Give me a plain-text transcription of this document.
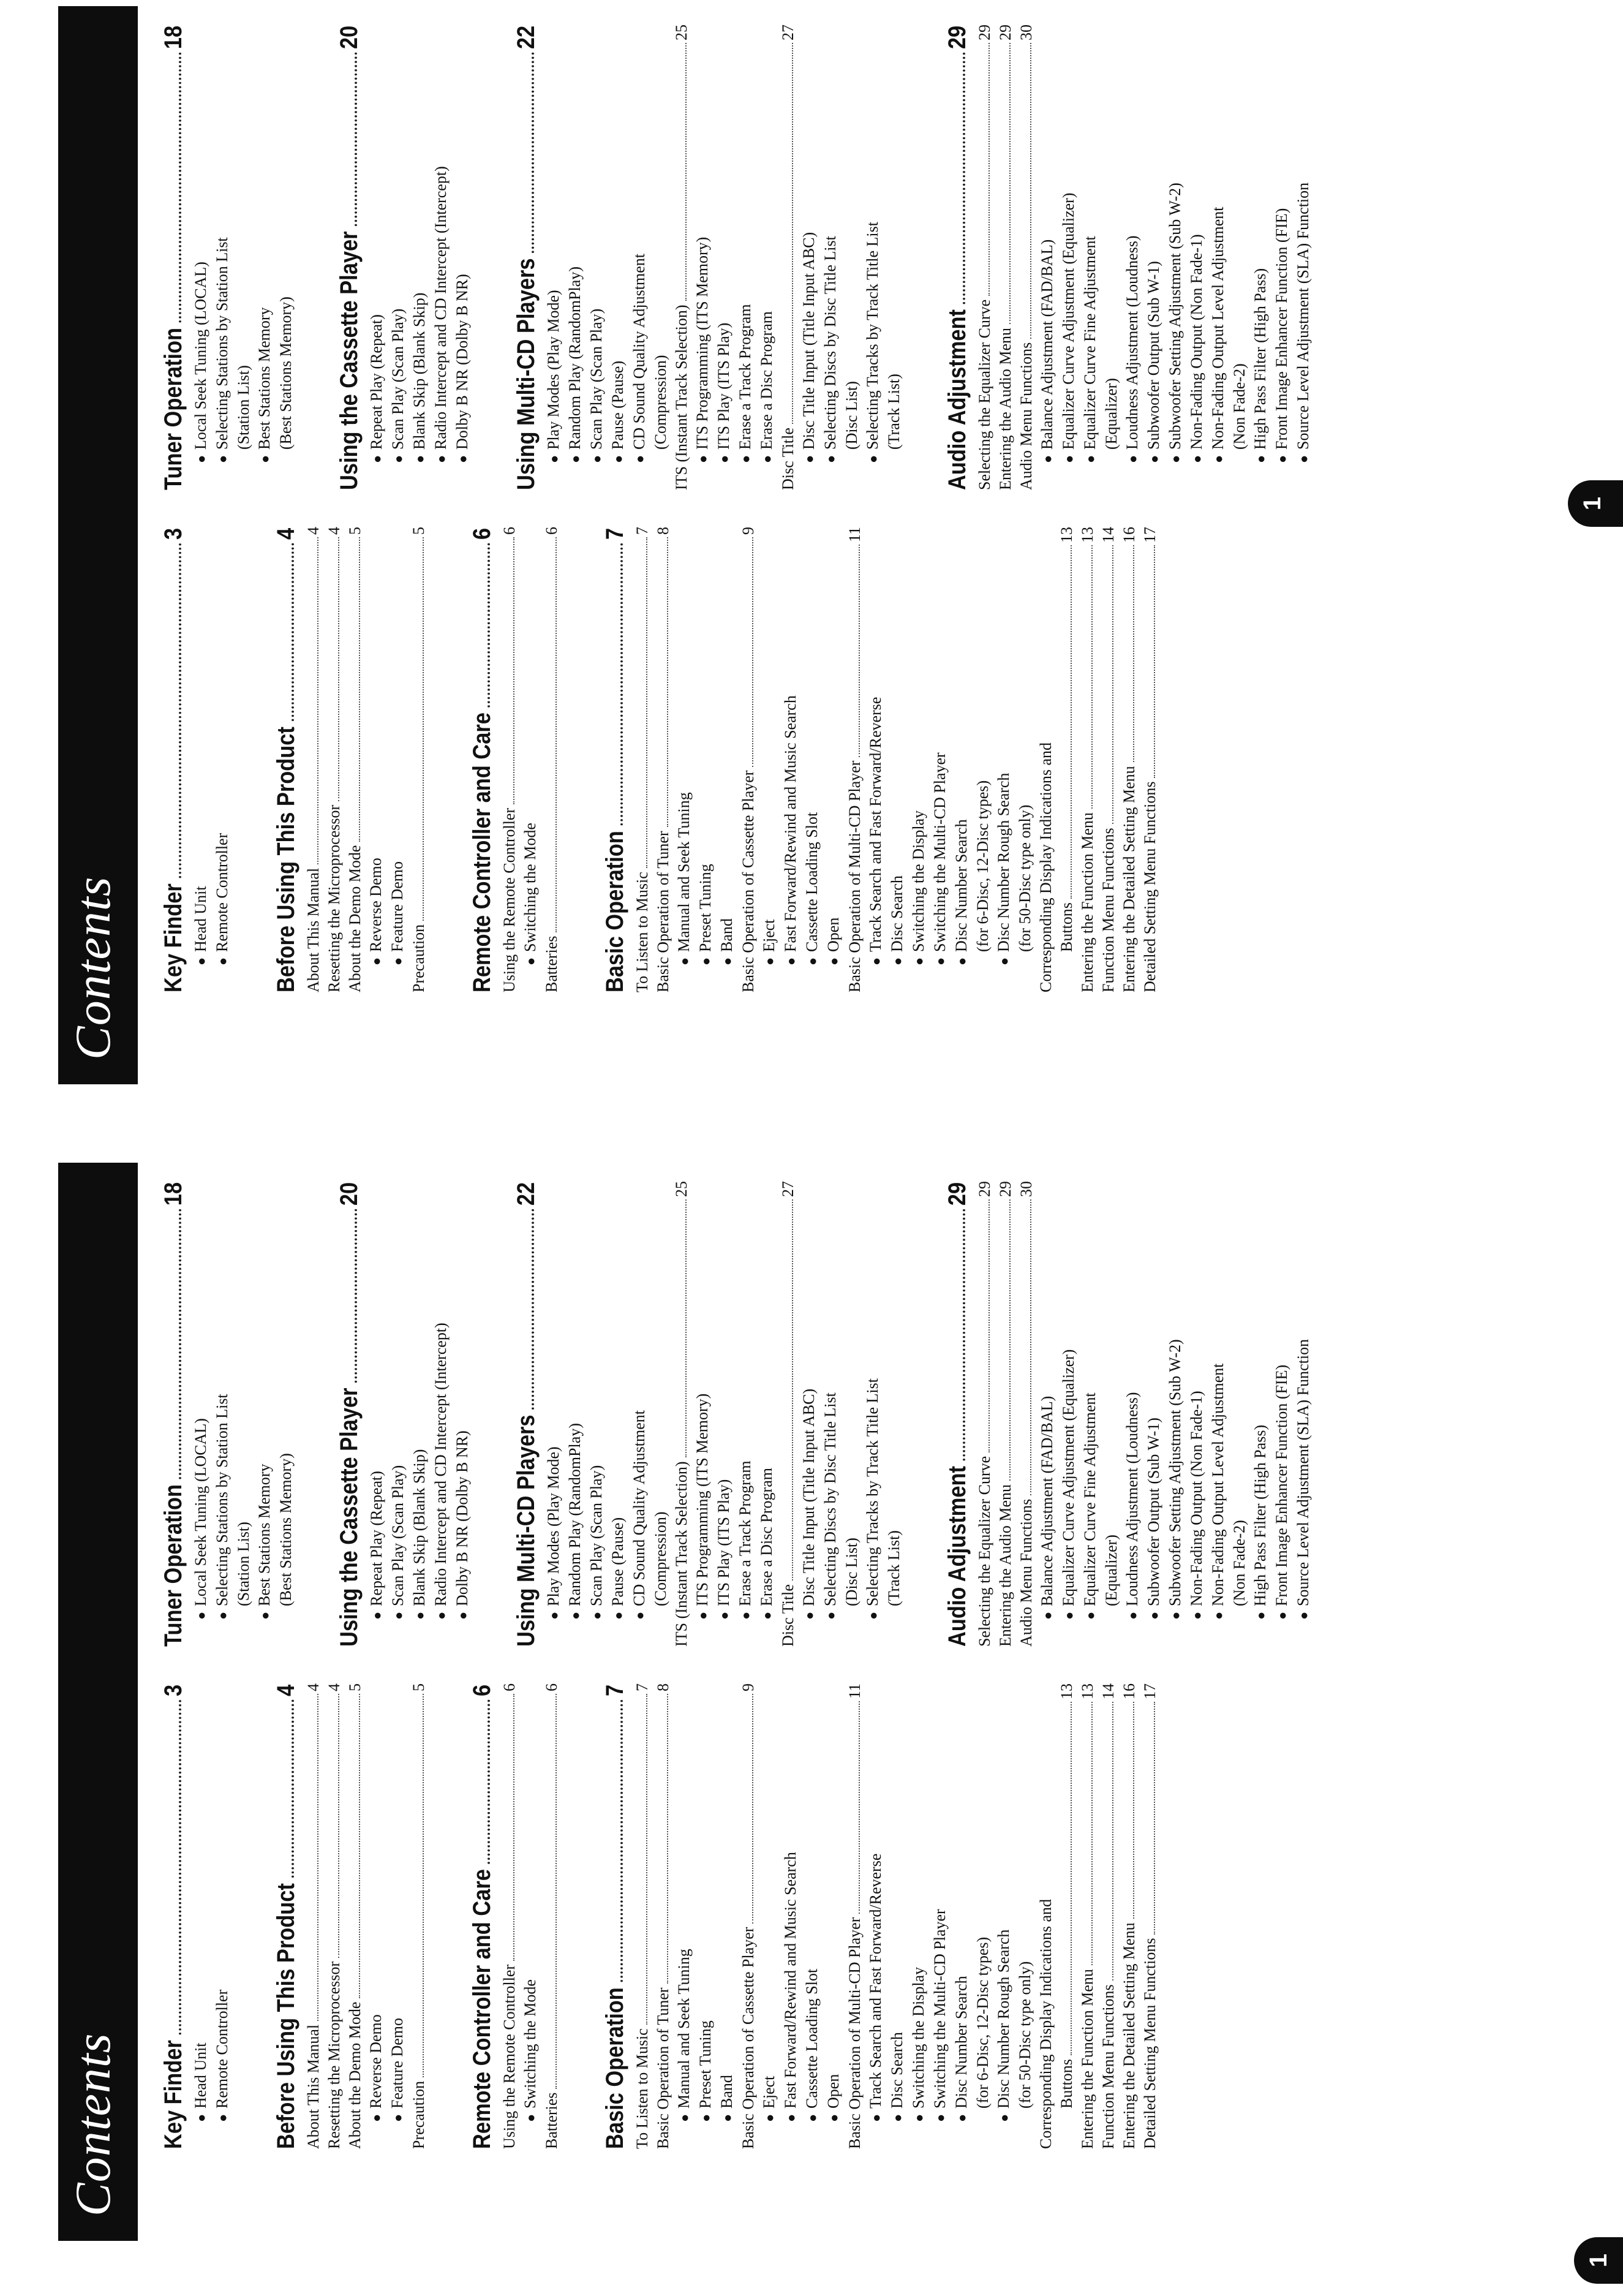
Contents Key Finder
3
●
Head Unit
●
Remote Controller Before Using This Product
4
About This Manual
4
Resetting the Microprocessor
4
About the Demo Mode
5
●
Reverse Demo
●
Feature Demo
Precaution
5
Remote Controller and Care
6
Using the Remote Controller
6
●
Switching the Mode
Batteries
6
Basic Operation
7
To Listen to Music
7
Basic Operation of Tuner
8
●
Manual and Seek Tuning
●
Preset Tuning
●
Band Basic Operation of Cassette Player
9
●
Eject
●
Fast Forward/Rewind and Music Search
●
Cassette Loading Slot
●
Open Basic Operation of Multi-CD Player
11
●
Track Search and Fast Forward/Reverse
●
Disc Search
●
Switching the Display
●
Switching the Multi-CD Player
●
Disc Number Search (for 6-Disc, 12-Disc types)
●
Disc Number Rough Search (for 50-Disc type only) Corresponding Display Indications and Buttons
13
Entering the Function Menu
13
Function Menu Functions
14
Entering the Detailed Setting Menu
16
Detailed Setting Menu Functions
17
Tuner Operation
18
●
Local Seek Tuning (LOCAL)
●
Selecting Stations by Station List (Station List)
●
Best Stations Memory (Best Stations Memory) Using the Cassette Player
20
●
Repeat Play (Repeat)
●
Scan Play (Scan Play)
●
Blank Skip (Blank Skip)
●
Radio Intercept and CD Intercept (Intercept)
●
Dolby B NR (Dolby B NR) Using Multi-CD Players
22
●
Play Modes (Play Mode)
●
Random Play (RandomPlay)
●
Scan Play (Scan Play)
●
Pause (Pause)
●
CD Sound Quality Adjustment (Compression) ITS (Instant Track Selection)
25
●
ITS Programming (ITS Memory)
●
ITS Play (ITS Play)
●
Erase a Track Program
●
Erase a Disc Program
Disc Title
27
●
Disc Title Input (Title Input ABC)
●
Selecting Discs by Disc Title List (Disc List)
●
Selecting Tracks by Track Title List (Track List) Audio Adjustment
29
Selecting the Equalizer Curve
29
Entering the Audio Menu
29
Audio Menu Functions
30
●
Balance Adjustment (FAD/BAL)
●
Equalizer Curve Adjustment (Equalizer)
●
Equalizer Curve Fine Adjustment (Equalizer)
●
Loudness Adjustment (Loudness)
●
Subwoofer Output (Sub W-1)
●
Subwoofer Setting Adjustment (Sub W-2)
●
Non-Fading Output (Non Fade-1)
●
Non-Fading Output Level Adjustment (Non Fade-2)
●
High Pass Filter (High Pass)
●
Front Image Enhancer Function (FIE)
●
Source Level Adjustment (SLA) Function
1
Contents Key Finder
3
●
Head Unit
●
Remote Controller Before Using This Product
4
About This Manual
4
Resetting the Microprocessor
4
About the Demo Mode
5
●
Reverse Demo
●
Feature Demo
Precaution
5
Remote Controller and Care
6
Using the Remote Controller
6
●
Switching the Mode
Batteries
6
Basic Operation
7
To Listen to Music
7
Basic Operation of Tuner
8
●
Manual and Seek Tuning
●
Preset Tuning
●
Band Basic Operation of Cassette Player
9
●
Eject
●
Fast Forward/Rewind and Music Search
●
Cassette Loading Slot
●
Open Basic Operation of Multi-CD Player
11
●
Track Search and Fast Forward/Reverse
●
Disc Search
●
Switching the Display
●
Switching the Multi-CD Player
●
Disc Number Search (for 6-Disc, 12-Disc types)
●
Disc Number Rough Search (for 50-Disc type only) Corresponding Display Indications and Buttons
13
Entering the Function Menu
13
Function Menu Functions
14
Entering the Detailed Setting Menu
16
Detailed Setting Menu Functions
17
Tuner Operation
18
●
Local Seek Tuning (LOCAL)
●
Selecting Stations by Station List (Station List)
●
Best Stations Memory (Best Stations Memory) Using the Cassette Player
20
●
Repeat Play (Repeat)
●
Scan Play (Scan Play)
●
Blank Skip (Blank Skip)
●
Radio Intercept and CD Intercept (Intercept)
●
Dolby B NR (Dolby B NR) Using Multi-CD Players
22
●
Play Modes (Play Mode)
●
Random Play (RandomPlay)
●
Scan Play (Scan Play)
●
Pause (Pause)
●
CD Sound Quality Adjustment (Compression) ITS (Instant Track Selection)
25
●
ITS Programming (ITS Memory)
●
ITS Play (ITS Play)
●
Erase a Track Program
●
Erase a Disc Program
Disc Title
27
●
Disc Title Input (Title Input ABC)
●
Selecting Discs by Disc Title List (Disc List)
●
Selecting Tracks by Track Title List (Track List) Audio Adjustment
29
Selecting the Equalizer Curve
29
Entering the Audio Menu
29
Audio Menu Functions
30
●
Balance Adjustment (FAD/BAL)
●
Equalizer Curve Adjustment (Equalizer)
●
Equalizer Curve Fine Adjustment (Equalizer)
●
Loudness Adjustment (Loudness)
●
Subwoofer Output (Sub W-1)
●
Subwoofer Setting Adjustment (Sub W-2)
●
Non-Fading Output (Non Fade-1)
●
Non-Fading Output Level Adjustment (Non Fade-2)
●
High Pass Filter (High Pass)
●
Front Image Enhancer Function (FIE)
●
Source Level Adjustment (SLA) Function
1
